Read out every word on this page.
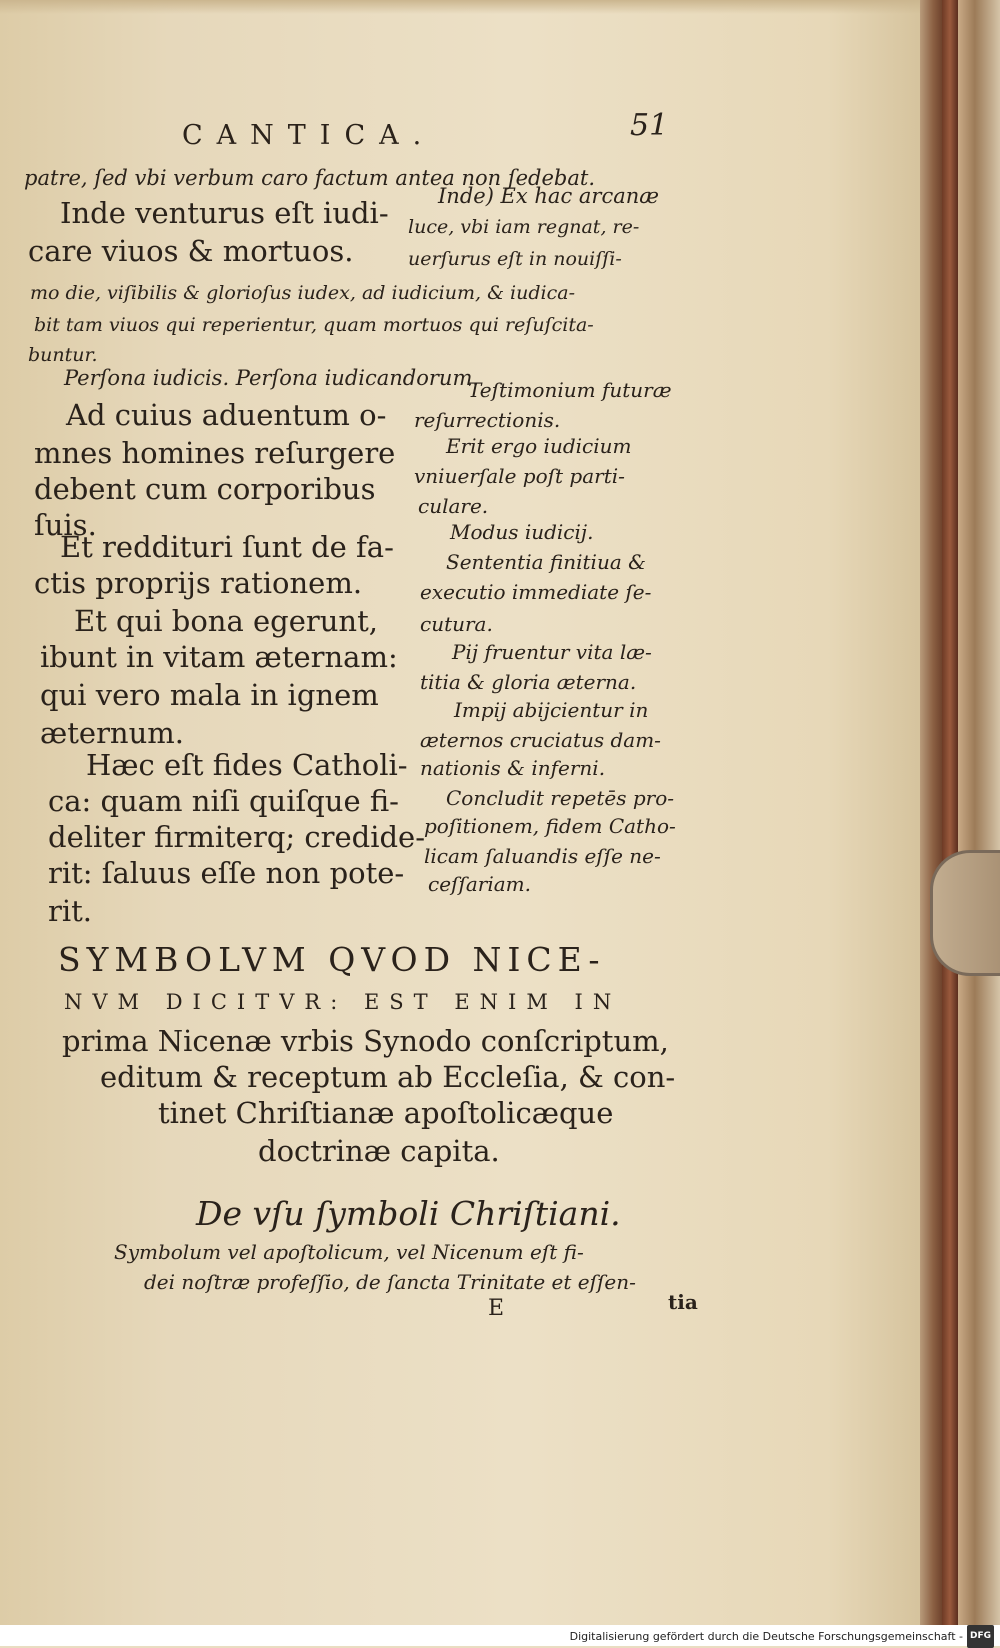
CANTICA.	51
patre, ſed vbi verbum caro factum antea non ſedebat.
Inde venturus eſt iudi-
care viuos & mortuos.
Inde) Ex hac arcanæ
luce, vbi iam regnat, re-
uerſurus eſt in nouiſſi-
mo die, viſibilis & glorioſus iudex, ad iudicium, & iudica-
bit tam viuos qui reperientur, quam mortuos qui reſuſcita-
buntur.
Perſona iudicis. Perſona iudicandorum.
Ad cuius aduentum o-
mnes homines reſurgere
debent cum corporibus
ſuis.
Et redditurі ſunt de fa-
ctis proprijs rationem.
Et qui bona egerunt,
ibunt in vitam æternam:
qui vero mala in ignem
æternum.
Hæc eſt fides Catholi-
ca: quam niſi quiſque fi-
deliter firmiterq; credide-
rit: ſaluus eſſe non pote-
rit.
Teſtimonium futuræ
reſurrectionis.
Erit ergo iudicium
vniuerſale poſt parti-
culare.
Modus iudicij.
Sententia finitiua &
executio immediate ſe-
cutura.
Pij fruentur vita læ-
titia & gloria æterna.
Impij abijcientur in
æternos cruciatus dam-
nationis & inferni.
Concludit repetēs pro-
poſitionem, fidem Catho-
licam ſaluandis eſſe ne-
ceſſariam.
SYMBOLVM QVOD NICE-
NVM DICITVR: EST ENIM IN
prima Nicenæ vrbis Synodo conſcriptum,
editum & receptum ab Eccleſia, & con-
tinet Chriſtianæ apoſtolicæque
doctrinæ capita.
De vſu ſymboli Chriſtiani.
Symbolum vel apoſtolicum, vel Nicenum eſt fi-
dei noſtræ profeſſio, de ſancta Trinitate et eſſen-
E	tia
Digitalisierung gefördert durch die Deutsche Forschungsgemeinschaft - DFG
